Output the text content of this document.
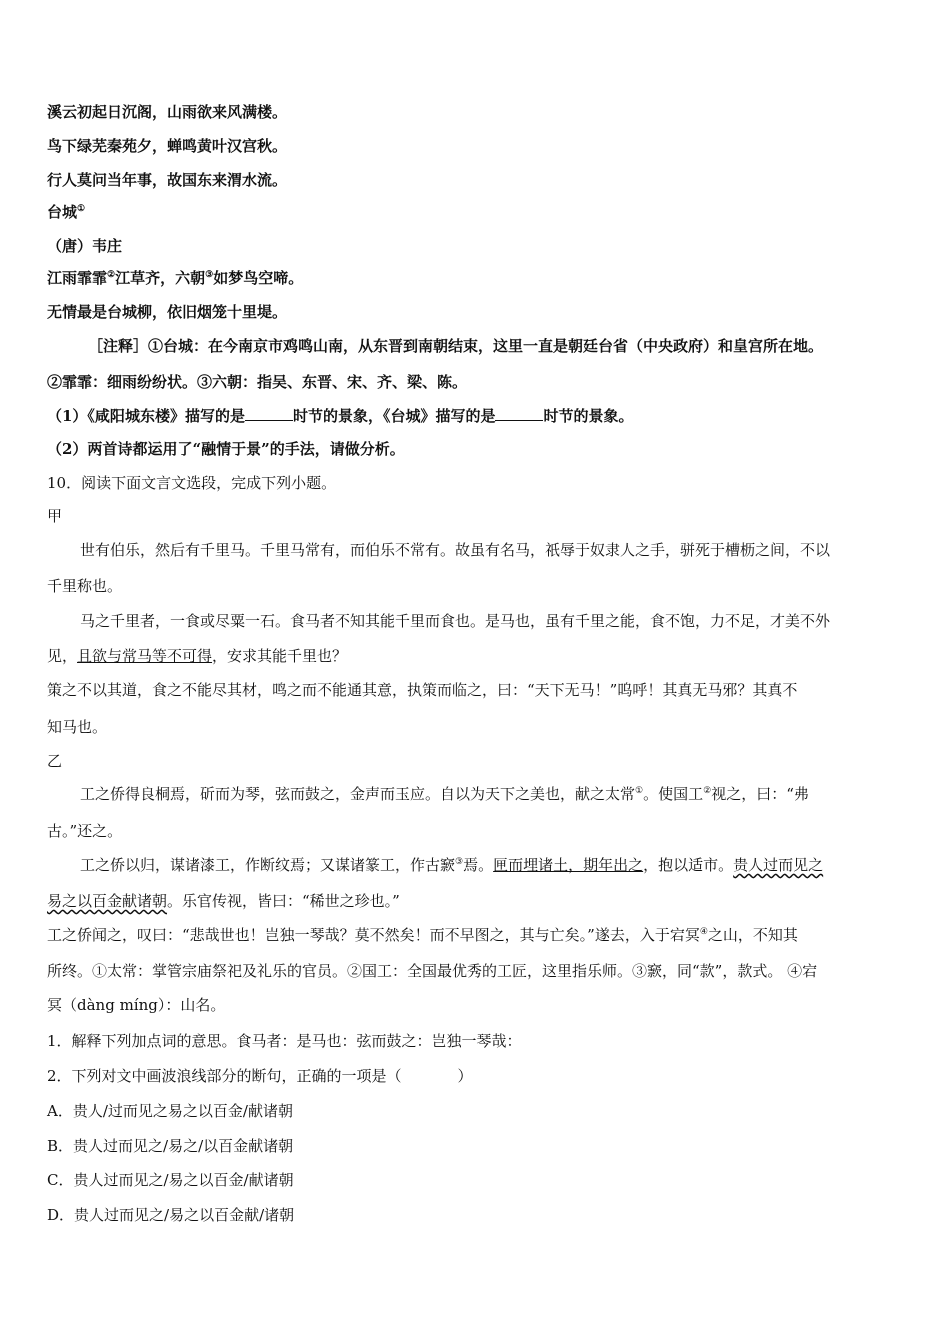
溪云初起日沉阁，山雨欲来风满楼。
鸟下绿芜秦苑夕，蝉鸣黄叶汉宫秋。
行人莫问当年事，故国东来渭水流。
台城①
（唐）韦庄
江雨霏霏②江草齐，六朝③如梦鸟空啼。
无情最是台城柳，依旧烟笼十里堤。
［注释］①台城：在今南京市鸡鸣山南，从东晋到南朝结束，这里一直是朝廷台省（中央政府）和皇宫所在地。
②霏霏：细雨纷纷状。③六朝：指吴、东晋、宋、齐、梁、陈。
（1）《咸阳城东楼》描写的是	时节的景象，《台城》描写的是	时节的景象。
（2）两首诗都运用了“融情于景”的手法，请做分析。
10．阅读下面文言文选段，完成下列小题。
甲
世有伯乐，然后有千里马。千里马常有，而伯乐不常有。故虽有名马，祇辱于奴隶人之手，骈死于槽枥之间，不以
千里称也。
马之千里者，一食或尽粟一石。食马者不知其能千里而食也。是马也，虽有千里之能，食不饱，力不足，才美不外
见，且欲与常马等不可得，安求其能千里也？
策之不以其道，食之不能尽其材，鸣之而不能通其意，执策而临之，曰：“天下无马！”呜呼！其真无马邪？其真不
知马也。
乙
工之侨得良桐焉，斫而为琴，弦而鼓之，金声而玉应。自以为天下之美也，献之太常①。使国工②视之，曰：“弗
古。”还之。
工之侨以归，谋诸漆工，作断纹焉；又谋诸篆工，作古窾③焉。匣而埋诸土，期年出之，抱以适市。贵人过而见之
易之以百金献诸朝。乐官传视，皆曰：“稀世之珍也。”
工之侨闻之，叹曰：“悲哉世也！岂独一琴哉？莫不然矣！而不早图之，其与亡矣。”遂去，入于宕冥④之山，不知其
所终。①太常：掌管宗庙祭祀及礼乐的官员。②国工：全国最优秀的工匠，这里指乐师。③窾，同“款”，款式。 ④宕
冥（dàng míng）：山名。
1．解释下列加点词的意思。食马者：是马也：弦而鼓之：岂独一琴哉：
2．下列对文中画波浪线部分的断句，正确的一项是（	）
A．贵人/过而见之易之以百金/献诸朝
B．贵人过而见之/易之/以百金献诸朝
C．贵人过而见之/易之以百金/献诸朝
D．贵人过而见之/易之以百金献/诸朝
